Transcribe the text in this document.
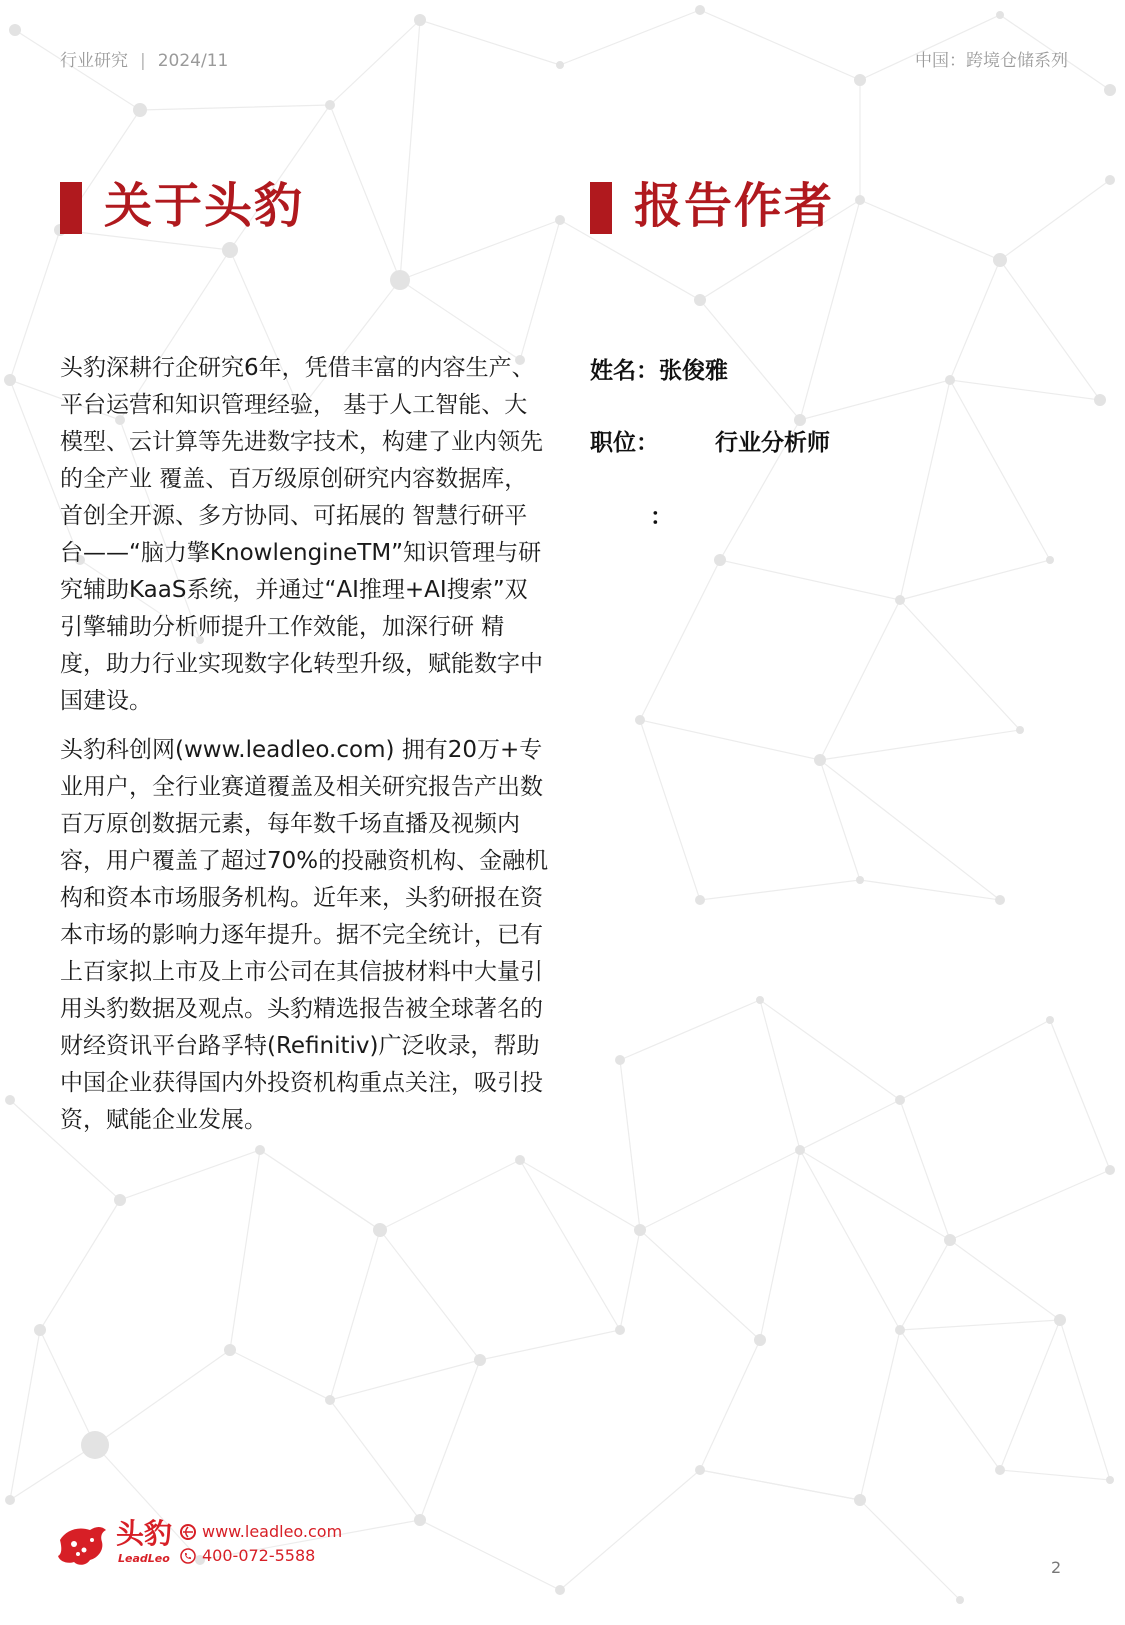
行业研究 | 2024/11	中国：跨境仓储系列
关于头豹

头豹深耕行企研究6年，凭借丰富的内容生产、平台运营和知识管理经验， 基于人工智能、大模型、云计算等先进数字技术，构建了业内领先的全产业 覆盖、百万级原创研究内容数据库，首创全开源、多方协同、可拓展的 智慧行研平台——“脑力擎KnowlengineTM”知识管理与研究辅助KaaS系统，并通过“AI推理+AI搜索”双引擎辅助分析师提升工作效能，加深行研 精度，助力行业实现数字化转型升级，赋能数字中国建设。

头豹科创网(www.leadleo.com) 拥有20万+专业用户，全行业赛道覆盖及相关研究报告产出数百万原创数据元素，每年数千场直播及视频内容，用户覆盖了超过70%的投融资机构、金融机构和资本市场服务机构。近年来，头豹研报在资本市场的影响力逐年提升。据不完全统计，已有上百家拟上市及上市公司在其信披材料中大量引用头豹数据及观点。头豹精选报告被全球著名的财经资讯平台路孚特(Refinitiv)广泛收录，帮助中国企业获得国内外投资机构重点关注，吸引投资，赋能企业发展。

报告作者
姓名：张俊雅
职位： 行业分析师
：
头豹
LeadLeo
www.leadleo.com
400-072-5588
2
